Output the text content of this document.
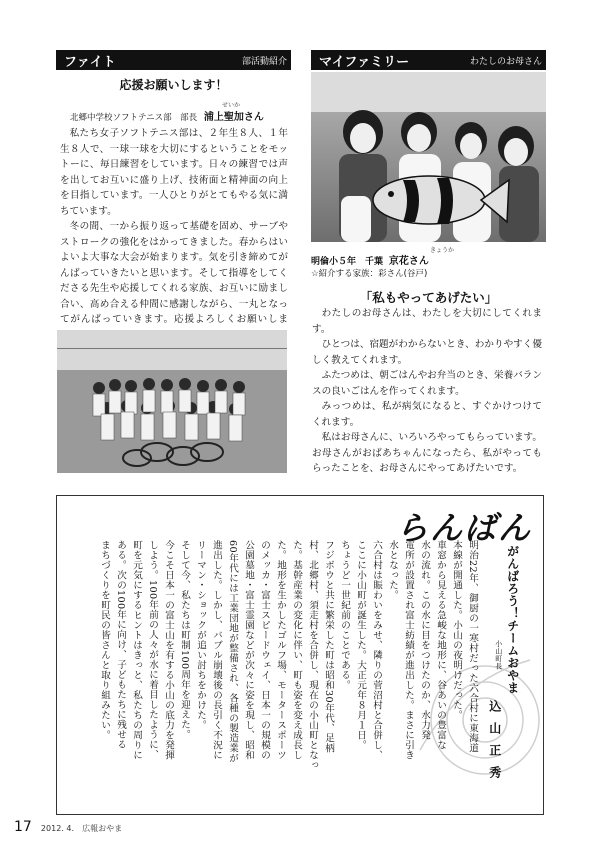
ファイト	部活動紹介
応援お願いします！
せいか
北郷中学校ソフトテニス部　部長 浦上聖加さん

私たち女子ソフトテニス部は、２年生８人、１年生８人で、一球一球を大切にするということをモットーに、毎日練習をしています。日々の練習では声を出してお互いに盛り上げ、技術面と精神面の向上を目指しています。一人ひとりがとてもやる気に満ちています。

冬の間、一から振り返って基礎を固め、サーブやストロークの強化をはかってきました。春からはいよいよ大事な大会が始まります。気を引き締めてがんばっていきたいと思います。そして指導をしてくださる先生や応援してくれる家族、お互いに励まし合い、高め合える仲間に感謝しながら、一丸となってがんばっていきます。応援よろしくお願いしま

マイファミリー	わたしのお母さん
きょうか
明倫小５年　千葉 京花さん
☆紹介する家族：彩さん(谷戸)
「私もやってあげたい」

わたしのお母さんは、わたしを大切にしてくれます。

ひとつは、宿題がわからないとき、わかりやすく優しく教えてくれます。

ふたつめは、朝ごはんやお弁当のとき、栄養バランスの良いごはんを作ってくれます。

みっつめは、私が病気になると、すぐかけつけてくれます。

私はお母さんに、いろいろやってもらっています。お母さんがおばあちゃんになったら、私がやってもらったことを、お母さんにやってあげたいです。

らんばん
がんばろう！チームおやま
小山町長
込山正秀
明治22年、御厨の一寒村だった六合村に東海道
本線が開通した。小山の夜明けだった。
車窓から見える急峻な地形に、谷あいの豊富な
水の流れ。この水に目をつけたのか、水力発
電所が設置され富士紡績が進出した。まさに引き
水となった。
六合村は賑わいをみせ、隣りの菅沼村と合併し、
ここに小山町が誕生した。大正元年８月１日。
ちょうど一世紀前のことである。
フジボウと共に繁栄した町は昭和30年代、足柄
村、北郷村、須走村を合併し、現在の小山町となっ
た。基幹産業の変化に伴い、町も姿を変え成長し
た。地形を生かしたゴルフ場、モータースポーツ
のメッカ・富士スピードウェイ、日本一の規模の
公園墓地・富士霊園などが次々に姿を現し、昭和
60年代には工業団地が整備され、各種の製造業が
進出した。しかし、バブル崩壊後の長引く不況に
リーマン・ショックが追い討ちをかけた。
そして今、私たちは町制100周年を迎えた。
今こそ日本一の富士山を有する小山の底力を発揮
しよう。100年前の人々が水に着目したように、
町を元気にするヒントはきっと、私たちの周りに
ある。次の100年に向け、子どもたちに残せる
まちづくりを町民の皆さんと取り組みたい。
17 2012. 4. 広報おやま
